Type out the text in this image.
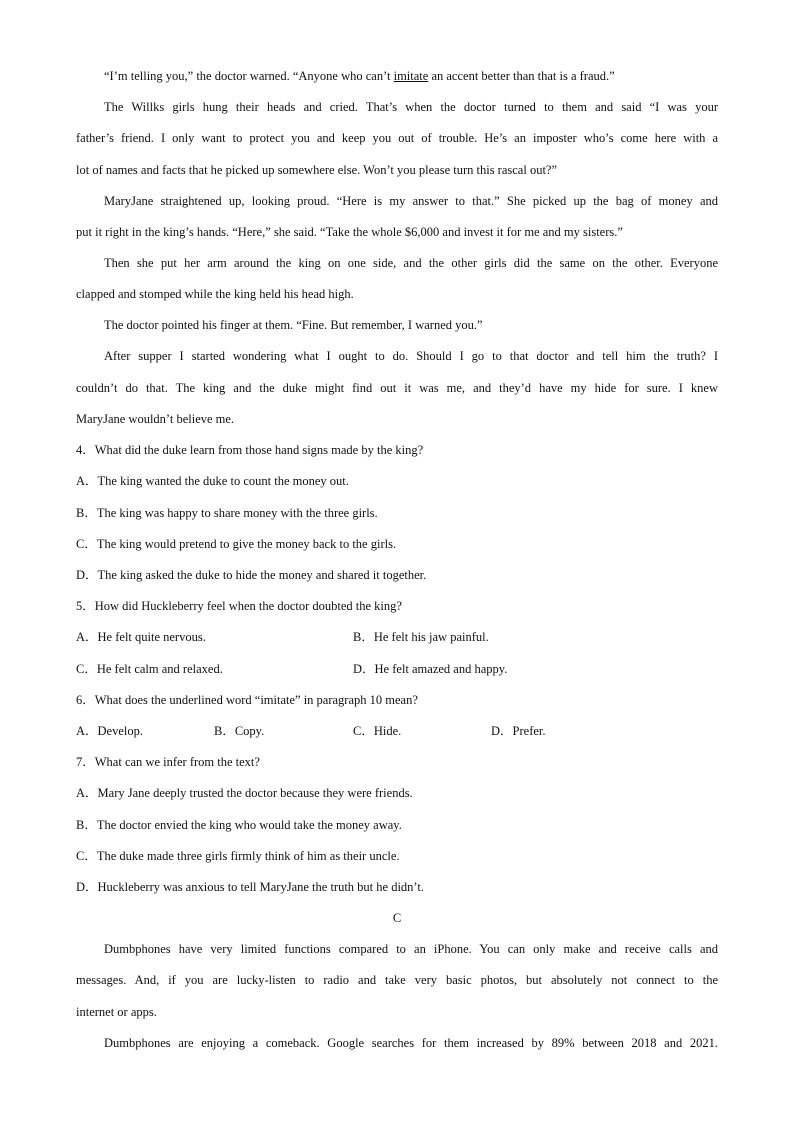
“I’m telling you,” the doctor warned. “Anyone who can’t imitate an accent better than that is a fraud.”
The Willks girls hung their heads and cried. That’s when the doctor turned to them and said “I was your
father’s friend. I only want to protect you and keep you out of trouble. He’s an imposter who’s come here with a
lot of names and facts that he picked up somewhere else. Won’t you please turn this rascal out?”
MaryJane straightened up, looking proud. “Here is my answer to that.” She picked up the bag of money and
put it right in the king’s hands. “Here,” she said. “Take the whole $6,000 and invest it for me and my sisters.”
Then she put her arm around the king on one side, and the other girls did the same on the other. Everyone
clapped and stomped while the king held his head high.
The doctor pointed his finger at them. “Fine. But remember, I warned you.”
After supper I started wondering what I ought to do. Should I go to that doctor and tell him the truth? I
couldn’t do that. The king and the duke might find out it was me, and they’d have my hide for sure. I knew
MaryJane wouldn’t believe me.
4．What did the duke learn from those hand signs made by the king?
A．The king wanted the duke to count the money out.
B．The king was happy to share money with the three girls.
C．The king would pretend to give the money back to the girls.
D．The king asked the duke to hide the money and shared it together.
5．How did Huckleberry feel when the doctor doubted the king?
A．He felt quite nervous.	B．He felt his jaw painful.
C．He felt calm and relaxed.	D．He felt amazed and happy.
6．What does the underlined word “imitate” in paragraph 10 mean?
A．Develop.	B．Copy.	C．Hide.	D．Prefer.
7．What can we infer from the text?
A．Mary Jane deeply trusted the doctor because they were friends.
B．The doctor envied the king who would take the money away.
C．The duke made three girls firmly think of him as their uncle.
D．Huckleberry was anxious to tell MaryJane the truth but he didn’t.
C
Dumbphones have very limited functions compared to an iPhone. You can only make and receive calls and
messages. And, if you are lucky-listen to radio and take very basic photos, but absolutely not connect to the
internet or apps.
Dumbphones are enjoying a comeback. Google searches for them increased by 89% between 2018 and 2021.
